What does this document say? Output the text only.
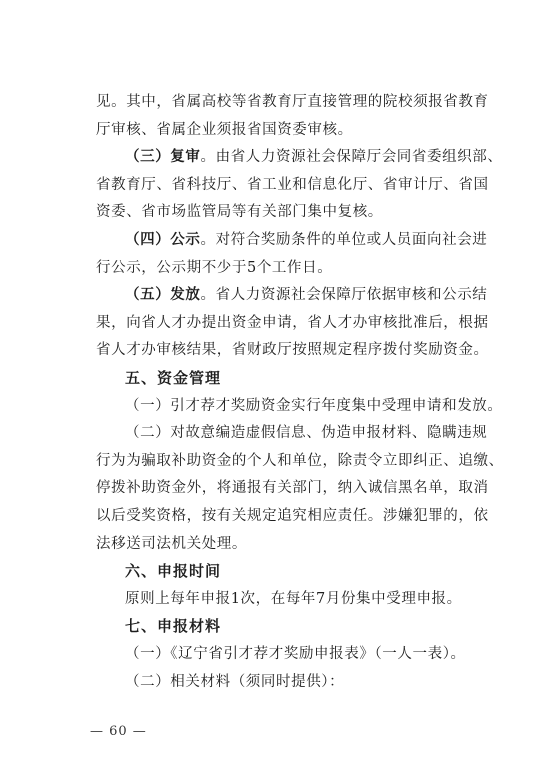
见。其中，省属高校等省教育厅直接管理的院校须报省教育
厅审核、省属企业须报省国资委审核。
（三）复审。由省人力资源社会保障厅会同省委组织部、
省教育厅、省科技厅、省工业和信息化厅、省审计厅、省国
资委、省市场监管局等有关部门集中复核。
（四）公示。对符合奖励条件的单位或人员面向社会进
行公示，公示期不少于5个工作日。
（五）发放。省人力资源社会保障厅依据审核和公示结
果，向省人才办提出资金申请，省人才办审核批准后，根据
省人才办审核结果，省财政厅按照规定程序拨付奖励资金。
五、资金管理
（一）引才荐才奖励资金实行年度集中受理申请和发放。
（二）对故意编造虚假信息、伪造申报材料、隐瞒违规
行为为骗取补助资金的个人和单位，除责令立即纠正、追缴、
停拨补助资金外，将通报有关部门，纳入诚信黑名单，取消
以后受奖资格，按有关规定追究相应责任。涉嫌犯罪的，依
法移送司法机关处理。
六、申报时间
原则上每年申报1次，在每年7月份集中受理申报。
七、申报材料
— 60 —
（一）《辽宁省引才荐才奖励申报表》（一人一表）。
（二）相关材料（须同时提供）：
